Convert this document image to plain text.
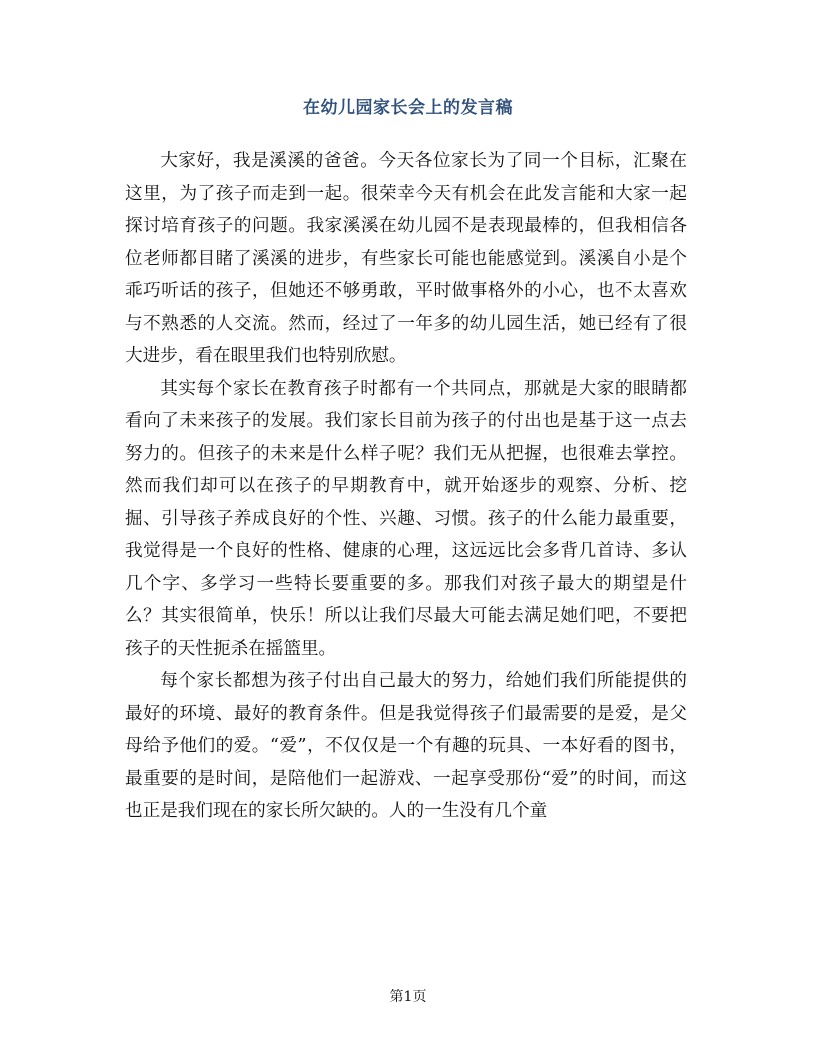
在幼儿园家长会上的发言稿

大家好，我是溪溪的爸爸。今天各位家长为了同一个目标，汇聚在这里，为了孩子而走到一起。很荣幸今天有机会在此发言能和大家一起探讨培育孩子的问题。我家溪溪在幼儿园不是表现最棒的，但我相信各位老师都目睹了溪溪的进步，有些家长可能也能感觉到。溪溪自小是个乖巧听话的孩子，但她还不够勇敢，平时做事格外的小心，也不太喜欢与不熟悉的人交流。然而，经过了一年多的幼儿园生活，她已经有了很大进步，看在眼里我们也特别欣慰。

其实每个家长在教育孩子时都有一个共同点，那就是大家的眼睛都看向了未来孩子的发展。我们家长目前为孩子的付出也是基于这一点去努力的。但孩子的未来是什么样子呢？我们无从把握，也很难去掌控。然而我们却可以在孩子的早期教育中，就开始逐步的观察、分析、挖掘、引导孩子养成良好的个性、兴趣、习惯。孩子的什么能力最重要，我觉得是一个良好的性格、健康的心理，这远远比会多背几首诗、多认几个字、多学习一些特长要重要的多。那我们对孩子最大的期望是什么？其实很简单，快乐！所以让我们尽最大可能去满足她们吧，不要把孩子的天性扼杀在摇篮里。

每个家长都想为孩子付出自己最大的努力，给她们我们所能提供的最好的环境、最好的教育条件。但是我觉得孩子们最需要的是爱，是父母给予他们的爱。“爱”，不仅仅是一个有趣的玩具、一本好看的图书，最重要的是时间，是陪他们一起游戏、一起享受那份“爱”的时间，而这也正是我们现在的家长所欠缺的。人的一生没有几个童

第1页
